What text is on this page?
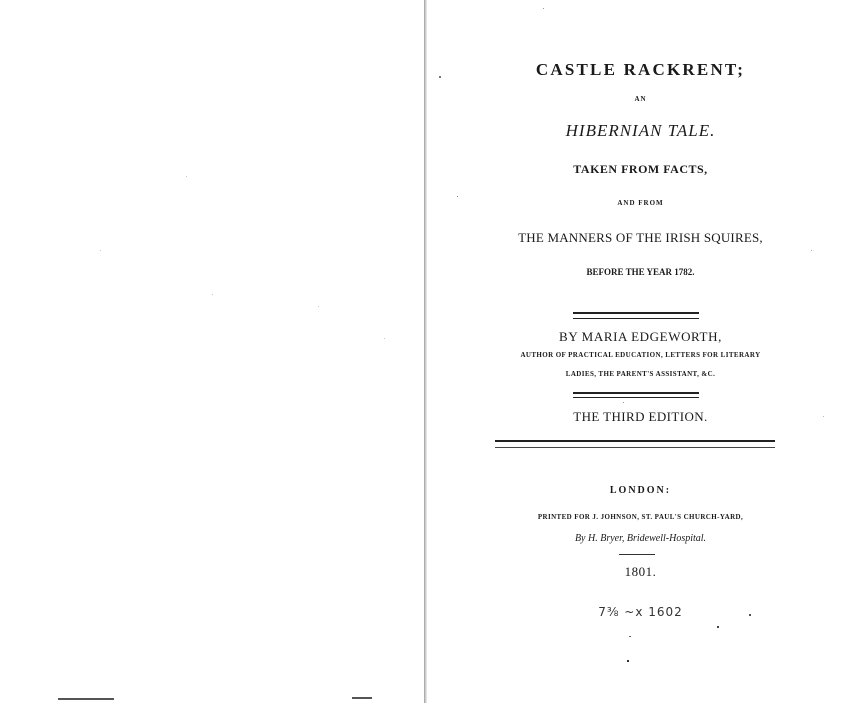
CASTLE RACKRENT;
AN
HIBERNIAN TALE.
TAKEN FROM FACTS,
AND FROM
THE MANNERS OF THE IRISH SQUIRES,
BEFORE THE YEAR 1782.
BY MARIA EDGEWORTH,
AUTHOR OF PRACTICAL EDUCATION, LETTERS FOR LITERARY
LADIES, THE PARENT'S ASSISTANT, &C.
THE THIRD EDITION.
LONDON:
PRINTED FOR J. JOHNSON, ST. PAUL'S CHURCH-YARD,
By H. Bryer, Bridewell-Hospital.
1801.
7⅜ ~x 1602
